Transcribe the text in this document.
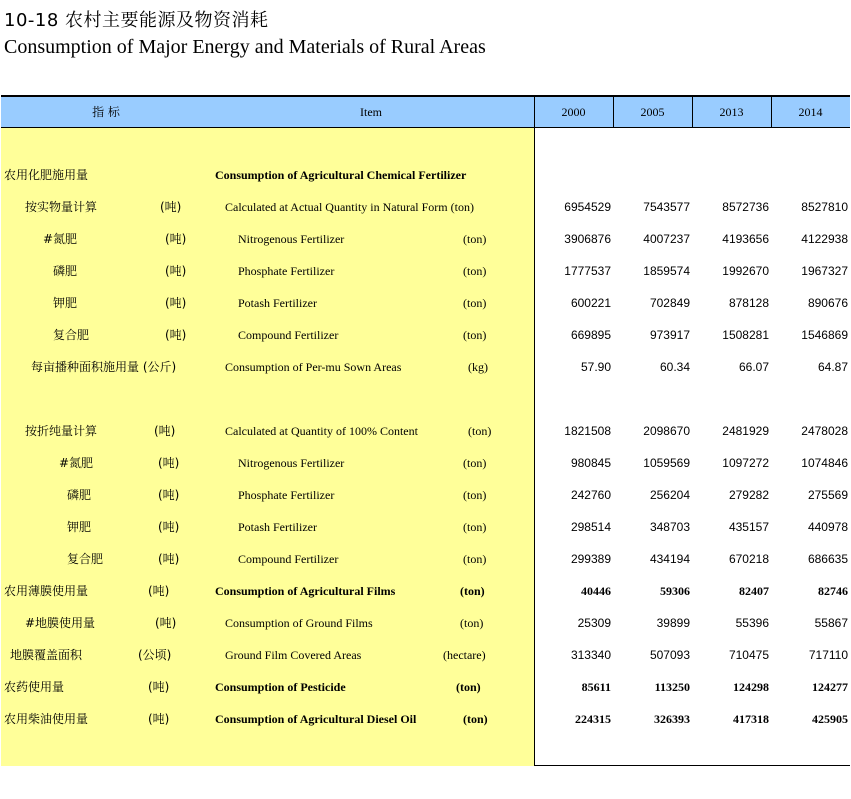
10-18 农村主要能源及物资消耗
Consumption of Major Energy and Materials of Rural Areas
指 标	Item	2000	2005	2013	2014
农用化肥施用量	Consumption of Agricultural Chemical Fertilizer
按实物量计算	(吨)	Calculated at Actual Quantity in Natural Form (ton)	6954529	7543577	8572736	8527810
#氮肥	(吨)	Nitrogenous Fertilizer	(ton)	3906876	4007237	4193656	4122938
磷肥	(吨)	Phosphate Fertilizer	(ton)	1777537	1859574	1992670	1967327
钾肥	(吨)	Potash Fertilizer	(ton)	600221	702849	878128	890676
复合肥	(吨)	Compound Fertilizer	(ton)	669895	973917	1508281	1546869
每亩播种面积施用量 (公斤)	Consumption of Per-mu Sown Areas	(kg)	57.90	60.34	66.07	64.87
按折纯量计算	(吨)	Calculated at Quantity of 100% Content	(ton)	1821508	2098670	2481929	2478028
#氮肥	(吨)	Nitrogenous Fertilizer	(ton)	980845	1059569	1097272	1074846
磷肥	(吨)	Phosphate Fertilizer	(ton)	242760	256204	279282	275569
钾肥	(吨)	Potash Fertilizer	(ton)	298514	348703	435157	440978
复合肥	(吨)	Compound Fertilizer	(ton)	299389	434194	670218	686635
农用薄膜使用量	(吨)	Consumption of Agricultural Films	(ton)	40446	59306	82407	82746
#地膜使用量	(吨)	Consumption of Ground Films	(ton)	25309	39899	55396	55867
地膜覆盖面积	(公顷)	Ground Film Covered Areas	(hectare)	313340	507093	710475	717110
农药使用量	(吨)	Consumption of Pesticide	(ton)	85611	113250	124298	124277
农用柴油使用量	(吨)	Consumption of Agricultural Diesel Oil	(ton)	224315	326393	417318	425905
